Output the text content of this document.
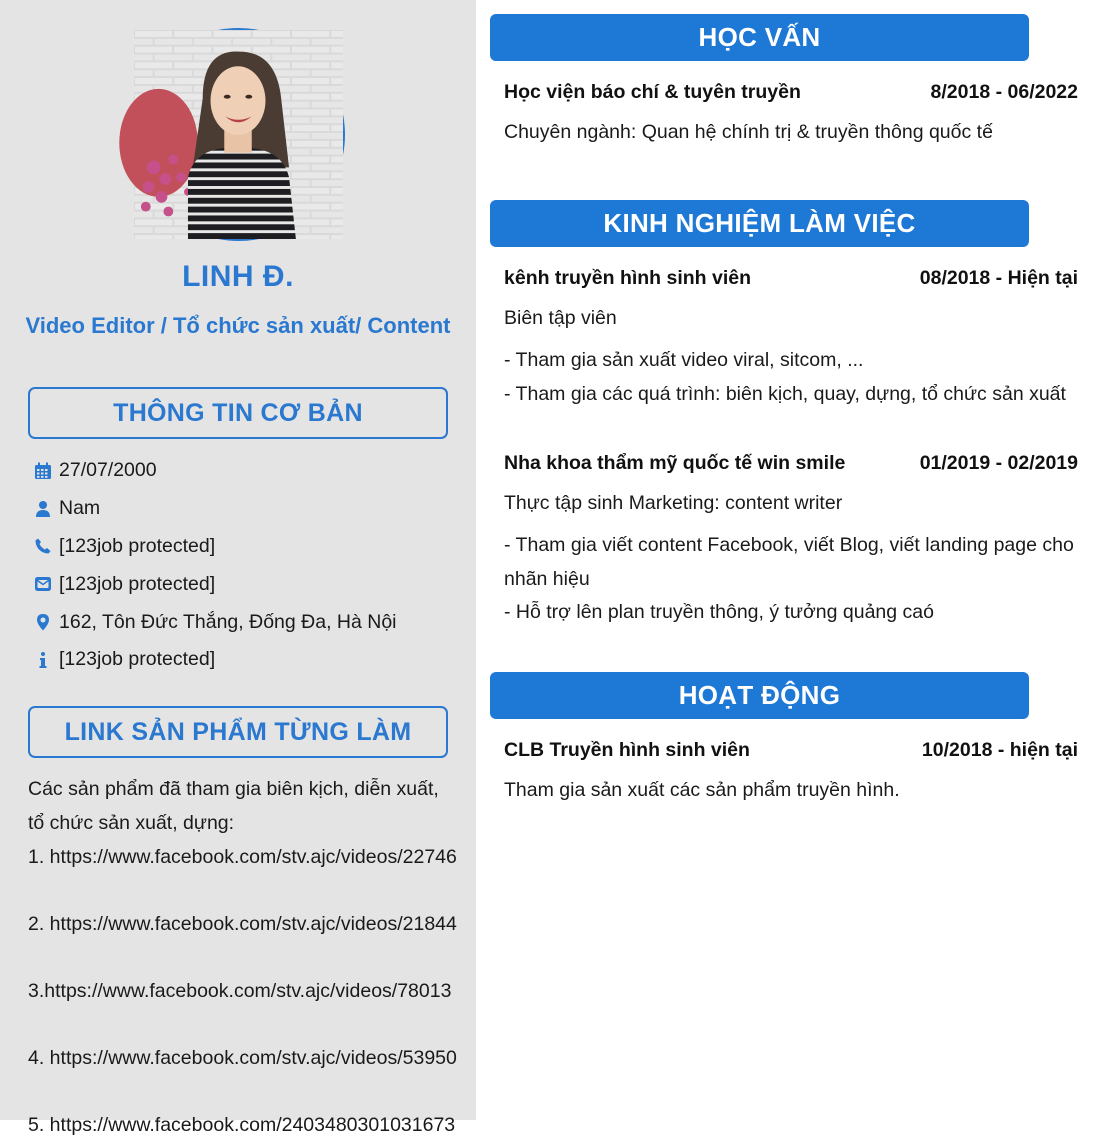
LINH Đ.
Video Editor / Tổ chức sản xuất/ Content
THÔNG TIN CƠ BẢN
27/07/2000
Nam
[123job protected]
[123job protected]
162, Tôn Đức Thắng, Đống Đa, Hà Nội
[123job protected]
LINK SẢN PHẨM TỪNG LÀM
Các sản phẩm đã tham gia biên kịch, diễn xuất,
tổ chức sản xuất, dựng:
1. https://www.facebook.com/stv.ajc/videos/22746
2. https://www.facebook.com/stv.ajc/videos/21844
3.https://www.facebook.com/stv.ajc/videos/78013
4. https://www.facebook.com/stv.ajc/videos/53950
5. https://www.facebook.com/2403480301031673
HỌC VẤN
Học viện báo chí & tuyên truyền	8/2018 - 06/2022
Chuyên ngành: Quan hệ chính trị & truyền thông quốc tế
KINH NGHIỆM LÀM VIỆC
kênh truyền hình sinh viên	08/2018 - Hiện tại
Biên tập viên
- Tham gia sản xuất video viral, sitcom, ...
- Tham gia các quá trình: biên kịch, quay, dựng, tổ chức sản xuất
Nha khoa thẩm mỹ quốc tế win smile	01/2019 - 02/2019
Thực tập sinh Marketing: content writer
- Tham gia viết content Facebook, viết Blog, viết landing page cho
nhãn hiệu
- Hỗ trợ lên plan truyền thông, ý tưởng quảng caó
HOẠT ĐỘNG
CLB Truyền hình sinh viên	10/2018 - hiện tại
Tham gia sản xuất các sản phẩm truyền hình.
